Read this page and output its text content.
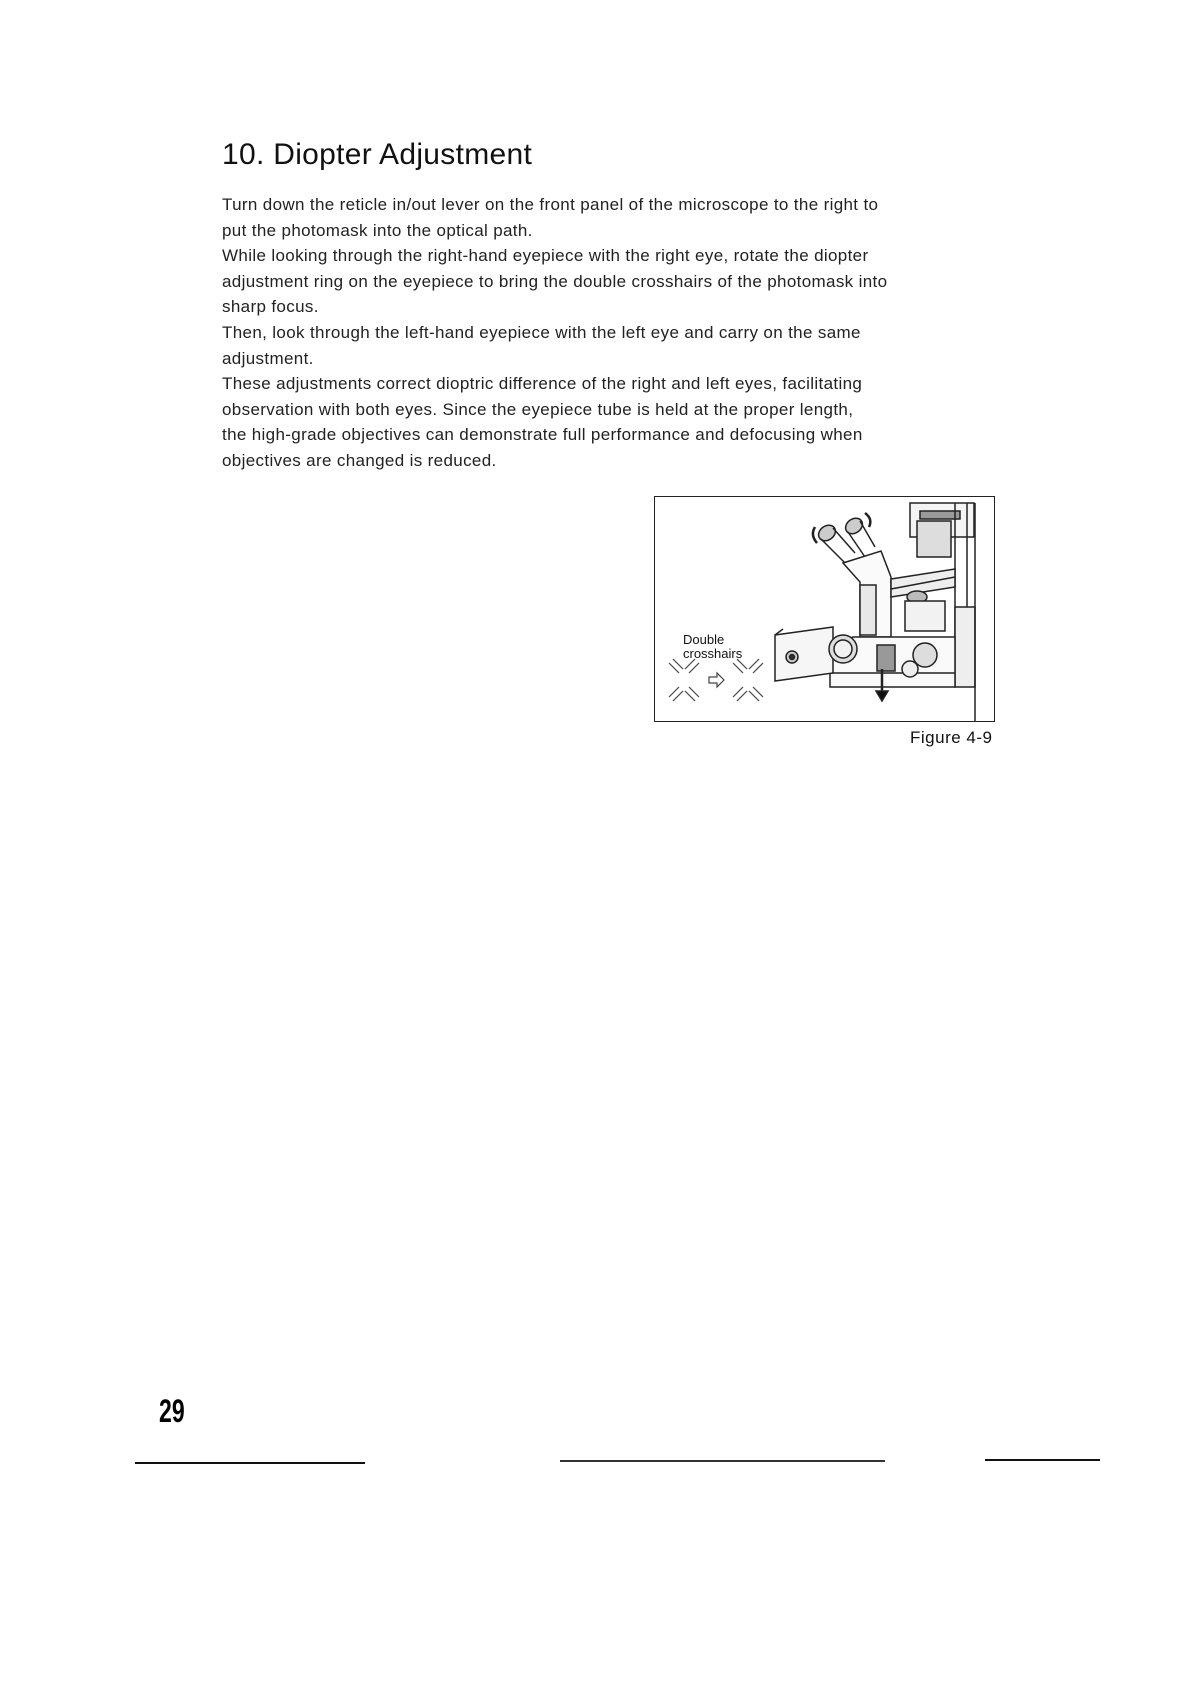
10. Diopter Adjustment
Turn down the reticle in/out lever on the front panel of the microscope to the right to
put the photomask into the optical path.
While looking through the right-hand eyepiece with the right eye, rotate the diopter
adjustment ring on the eyepiece to bring the double crosshairs of the photomask into
sharp focus.
Then, look through the left-hand eyepiece with the left eye and carry on the same
adjustment.
These adjustments correct dioptric difference of the right and left eyes, facilitating
observation with both eyes. Since the eyepiece tube is held at the proper length,
the high-grade objectives can demonstrate full performance and defocusing when
objectives are changed is reduced.
Double
crosshairs
Figure 4-9
29
